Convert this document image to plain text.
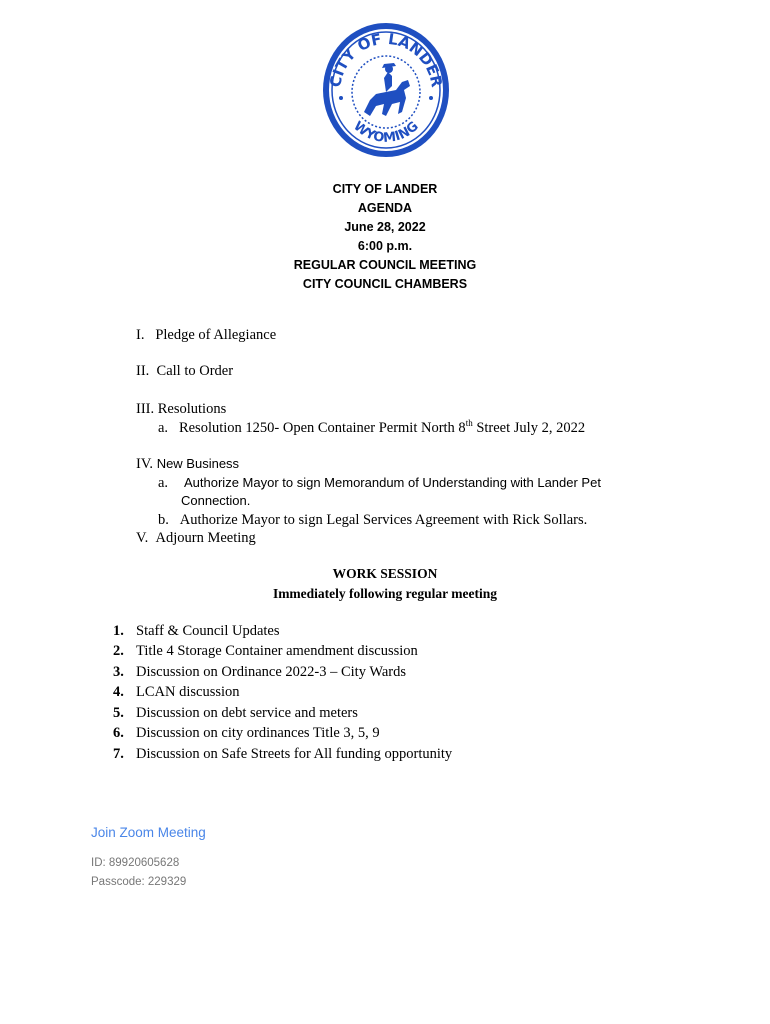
CITY OF LANDER
WYOMING
CITY OF LANDER
AGENDA
June 28, 2022
6:00 p.m.
REGULAR COUNCIL MEETING
CITY COUNCIL CHAMBERS
I. Pledge of Allegiance
II. Call to Order
III. Resolutions
a. Resolution 1250- Open Container Permit North 8th Street July 2, 2022
IV. New Business
a. Authorize Mayor to sign Memorandum of Understanding with Lander Pet
Connection.
b. Authorize Mayor to sign Legal Services Agreement with Rick Sollars.
V. Adjourn Meeting
WORK SESSION
Immediately following regular meeting
1. Staff & Council Updates
2. Title 4 Storage Container amendment discussion
3. Discussion on Ordinance 2022-3 – City Wards
4. LCAN discussion
5. Discussion on debt service and meters
6. Discussion on city ordinances Title 3, 5, 9
7. Discussion on Safe Streets for All funding opportunity
Join Zoom Meeting
ID: 89920605628
Passcode: 229329
